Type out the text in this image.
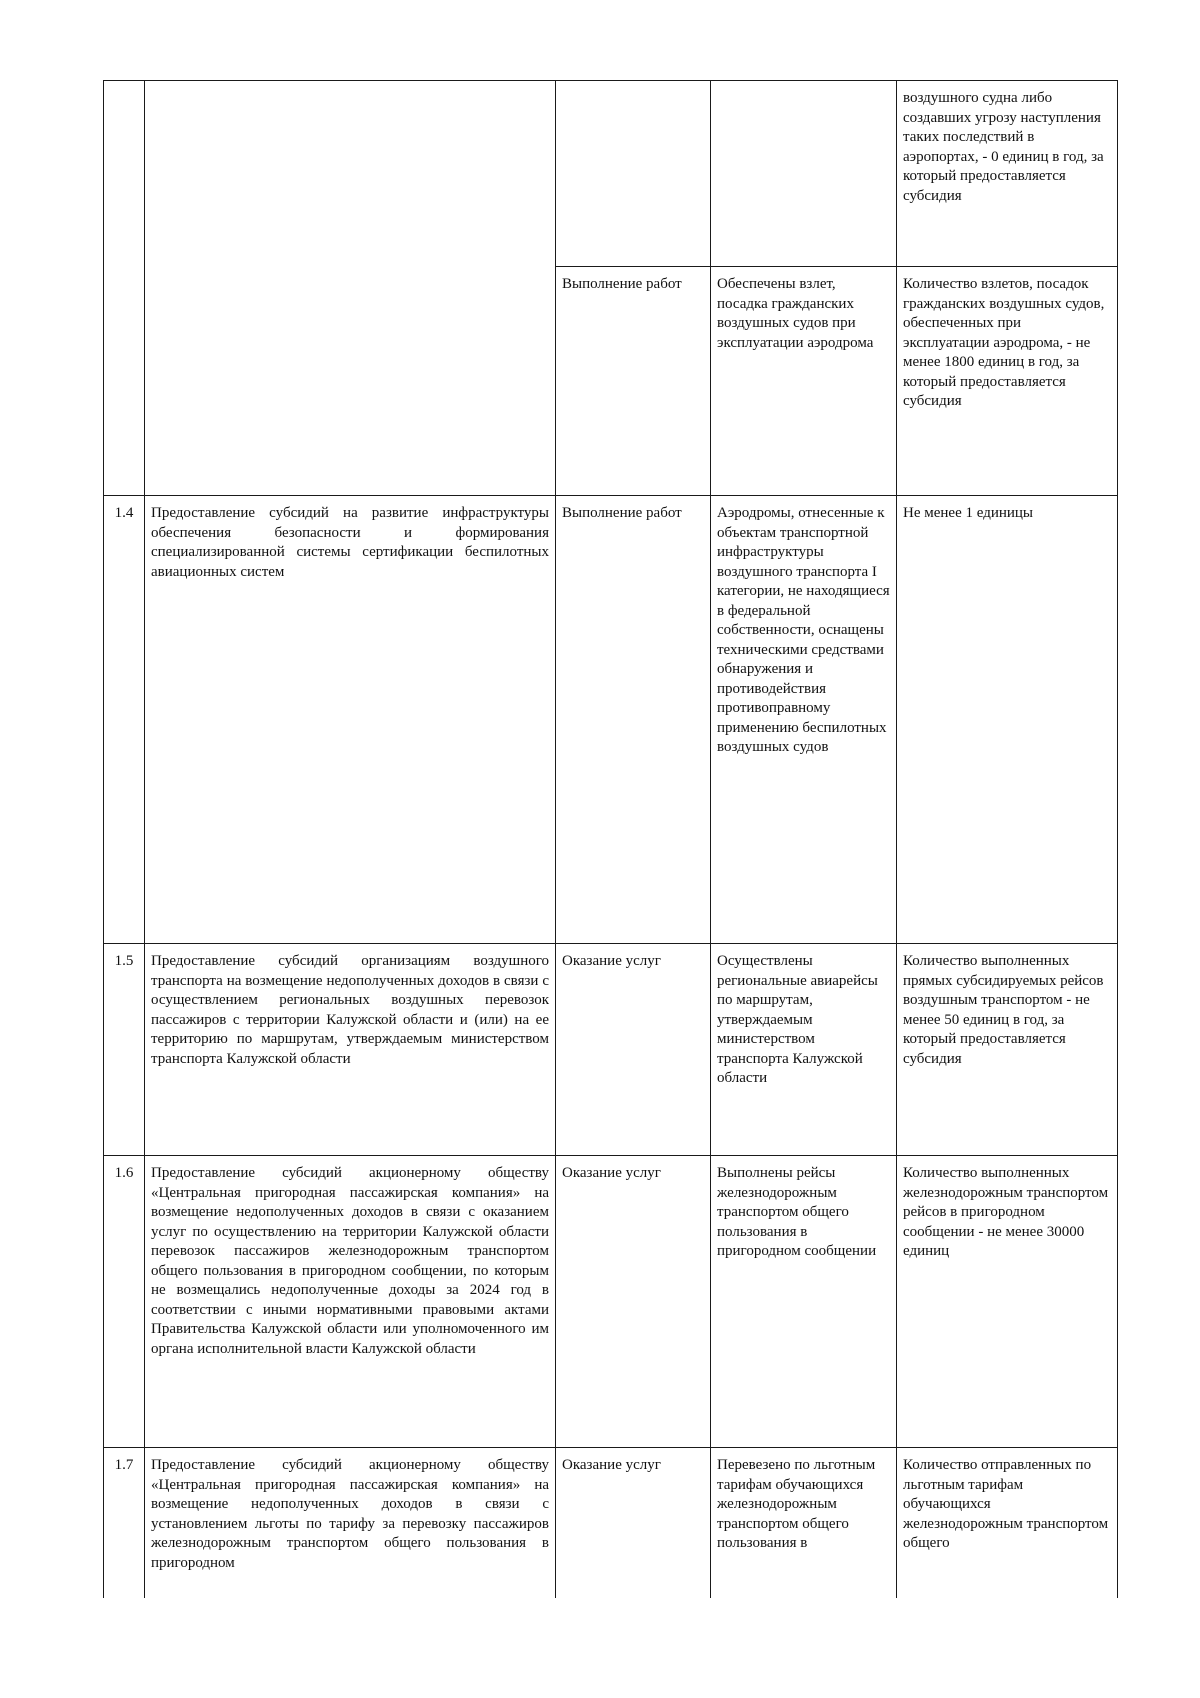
				воздушного судна либо создавших угрозу наступления таких последствий в аэропортах, - 0 единиц в год, за который предоставляется субсидия
		Выполнение работ	Обеспечены взлет, посадка гражданских воздушных судов при эксплуатации аэродрома	Количество взлетов, посадок гражданских воздушных судов, обеспеченных при эксплуатации аэродрома, - не менее 1800 единиц в год, за который предоставляется субсидия
1.4	Предоставление субсидий на развитие инфраструктуры обеспечения безопасности и формирования специализированной системы сертификации беспилотных авиационных систем	Выполнение работ	Аэродромы, отнесенные к объектам транспортной инфраструктуры воздушного транспорта I категории, не находящиеся в федеральной собственности, оснащены техническими средствами обнаружения и противодействия противоправному применению беспилотных воздушных судов	Не менее 1 единицы
1.5	Предоставление субсидий организациям воздушного транспорта на возмещение недополученных доходов в связи с осуществлением региональных воздушных перевозок пассажиров с территории Калужской области и (или) на ее территорию по маршрутам, утверждаемым министерством транспорта Калужской области	Оказание услуг	Осуществлены региональные авиарейсы по маршрутам, утверждаемым министерством транспорта Калужской области	Количество выполненных прямых субсидируемых рейсов воздушным транспортом - не менее 50 единиц в год, за который предоставляется субсидия
1.6	Предоставление субсидий акционерному обществу «Центральная пригородная пассажирская компания» на возмещение недополученных доходов в связи с оказанием услуг по осуществлению на территории Калужской области перевозок пассажиров железнодорожным транспортом общего пользования в пригородном сообщении, по которым не возмещались недополученные доходы за 2024 год в соответствии с иными нормативными правовыми актами Правительства Калужской области или уполномоченного им органа исполнительной власти Калужской области	Оказание услуг	Выполнены рейсы железнодорожным транспортом общего пользования в пригородном сообщении	Количество выполненных железнодорожным транспортом рейсов в пригородном сообщении - не менее 30000 единиц
1.7	Предоставление субсидий акционерному обществу «Центральная пригородная пассажирская компания» на возмещение недополученных доходов в связи с установлением льготы по тарифу за перевозку пассажиров железнодорожным транспортом общего пользования в пригородном	Оказание услуг	Перевезено по льготным тарифам обучающихся железнодорожным транспортом общего пользования в	Количество отправленных по льготным тарифам обучающихся железнодорожным транспортом общего
